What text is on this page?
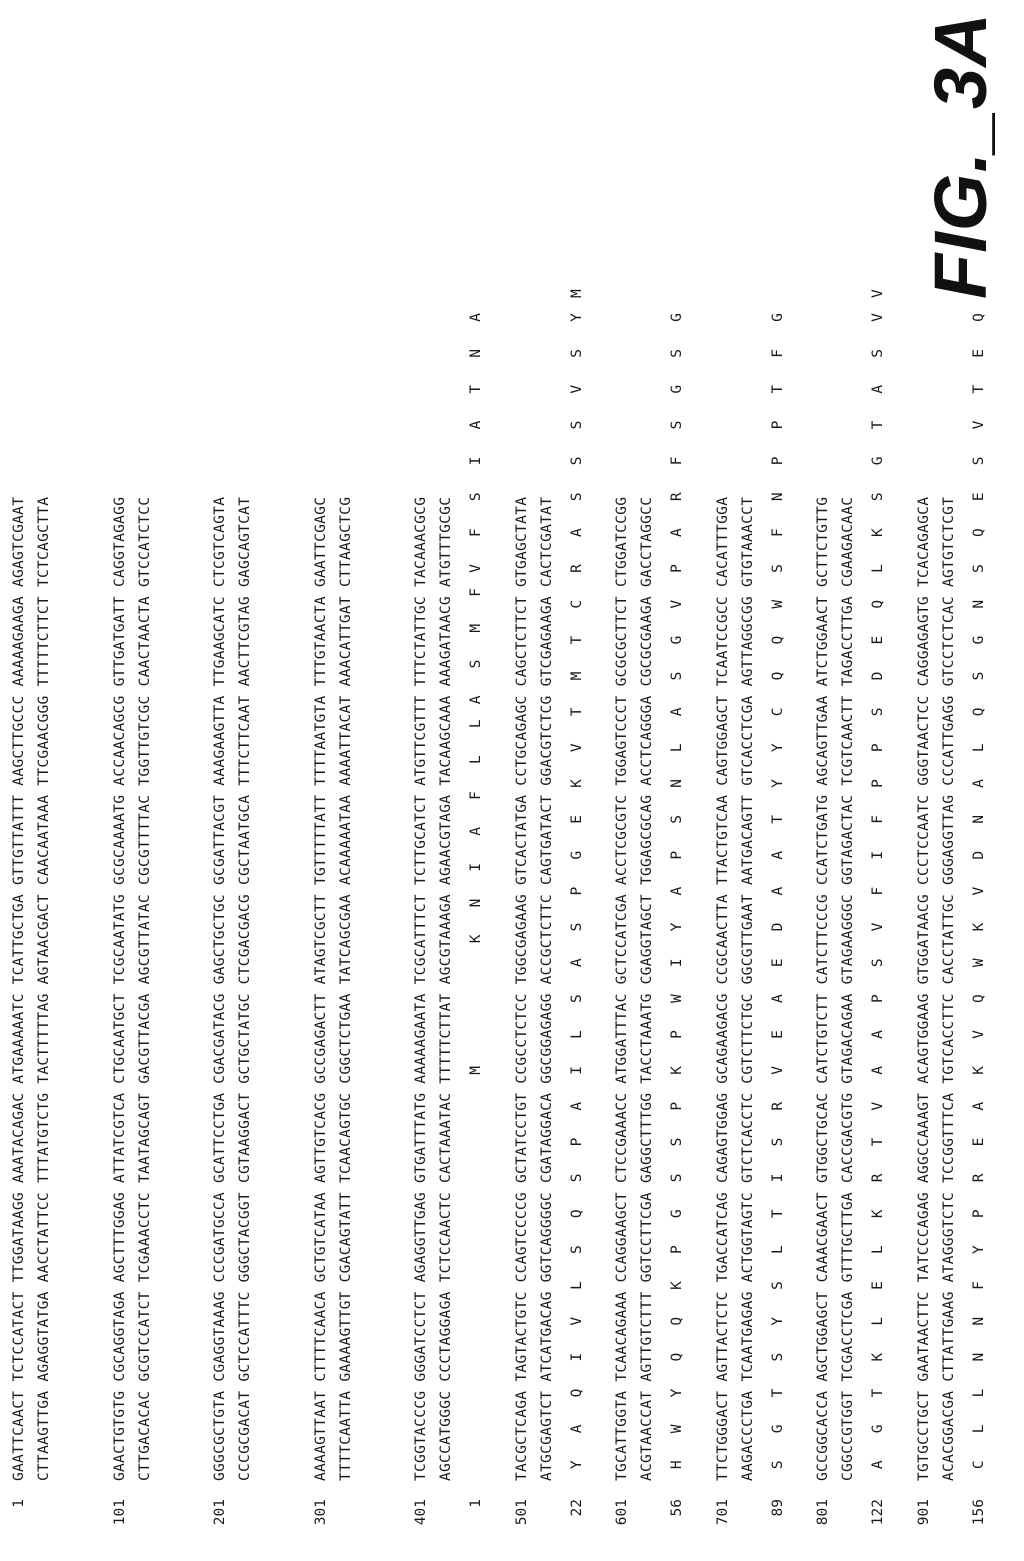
1
GAATTCAACT TCTCCATACT TTGGATAAGG AAATACAGAC ATGAAAAATC TCATTGCTGA GTTGTTATTT AAGCTTGCCC AAAAAGAAGA AGAGTCGAAT CTTAAGTTGA AGAGGTATGA AACCTATTCC TTTATGTCTG TACTTTTTAG AGTAACGACT CAACAATAAA TTCGAACGGG TTTTTCTTCT TCTCAGCTTA
101
GAACTGTGTG CGCAGGTAGA AGCTTTGGAG ATTATCGTCA CTGCAATGCT TCGCAATATG GCGCAAAATG ACCAACAGCG GTTGATGATT CAGGTAGAGG CTTGACACAC GCGTCCATCT TCGAAACCTC TAATAGCAGT GACGTTACGA AGCGTTATAC CGCGTTTTAC TGGTTGTCGC CAACTAACTA GTCCATCTCC
201
GGGCGCTGTA CGAGGTAAAG CCCGATGCCA GCATTCCTGA CGACGATACG GAGCTGCTGC GCGATTACGT AAAGAAGTTA TTGAAGCATC CTCGTCAGTA CCCGCGACAT GCTCCATTTC GGGCTACGGT CGTAAGGACT GCTGCTATGC CTCGACGACG CGCTAATGCA TTTCTTCAAT AACTTCGTAG GAGCAGTCAT
301
AAAAGTTAAT CTTTTCAACA GCTGTCATAA AGTTGTCACG GCCGAGACTT ATAGTCGCTT TGTTTTTATT TTTTAATGTA TTTGTAACTA GAATTCGAGC TTTTCAATTA GAAAAGTTGT CGACAGTATT TCAACAGTGC CGGCTCTGAA TATCAGCGAA ACAAAAATAA AAAATTACAT AAACATTGAT CTTAAGCTCG
401
TCGGTACCCG GGGATCCTCT AGAGGTTGAG GTGATTTATG AAAAAGAATA TCGCATTTCT TCTTGCATCT ATGTTCGTTT TTTCTATTGC TACAAACGCG AGCCATGGGC CCCTAGGAGA TCTCCAACTC CACTAAATAC TTTTTCTTAT AGCGTAAAGA AGAACGTAGA TACAAGCAAA AAAGATAACG ATGTTTGCGC
1
M
K
N
I
A
F
L
L
A
S
M
F
V
F
S
I
A
T
N
A
501
TACGCTCAGA TAGTACTGTC CCAGTCCCCG GCTATCCTGT CCGCCTCTCC TGGCGAGAAG GTCACTATGA CCTGCAGAGC CAGCTCTTCT GTGAGCTATA ATGCGAGTCT ATCATGACAG GGTCAGGGGC CGATAGGACA GGCGGAGAGG ACCGCTCTTC CAGTGATACT GGACGTCTCG GTCGAGAAGA CACTCGATAT
22
Y
A
Q
I
V
L
S
Q
S
P
A
I
L
S
A
S
P
G
E
K
V
T
M
T
C
R
A
S
S
S
V
S
Y
M
601
TGCATTGGTA TCAACAGAAA CCAGGAAGCT CTCCGAAACC ATGGATTTAC GCTCCATCGA ACCTCGCGTC TGGAGTCCCT GCGCGCTTCT CTGGATCCGG ACGTAACCAT AGTTGTCTTT GGTCCTTCGA GAGGCTTTGG TACCTAAATG CGAGGTAGCT TGGAGCGCAG ACCTCAGGGA CGCGCGAAGA GACCTAGGCC
56
H
W
Y
Q
Q
K
P
G
S
S
P
K
P
W
I
Y
A
P
S
N
L
A
S
G
V
P
A
R
F
S
G
S
G
701
TTCTGGGACT AGTTACTCTC TGACCATCAG CAGAGTGGAG GCAGAAGACG CCGCAACTTA TTACTGTCAA CAGTGGAGCT TCAATCCGCC CACATTTGGA AAGACCCTGA TCAATGAGAG ACTGGTAGTC GTCTCACCTC CGTCTTCTGC GGCGTTGAAT AATGACAGTT GTCACCTCGA AGTTAGGCGG GTGTAAACCT
89
S
G
T
S
Y
S
L
T
I
S
R
V
E
A
E
D
A
A
T
Y
Y
C
Q
Q
W
S
F
N
P
P
T
F
G
801
GCCGGCACCA AGCTGGAGCT CAAACGAACT GTGGCTGCAC CATCTGTCTT CATCTTCCCG CCATCTGATG AGCAGTTGAA ATCTGGAACT GCTTCTGTTG CGGCCGTGGT TCGACCTCGA GTTTGCTTGA CACCGACGTG GTAGACAGAA GTAGAAGGGC GGTAGACTAC TCGTCAACTT TAGACCTTGA CGAAGACAAC
122
A
G
T
K
L
E
L
K
R
T
V
A
A
P
S
V
F
I
F
P
P
S
D
E
Q
L
K
S
G
T
A
S
V
V
901
TGTGCCTGCT GAATAACTTC TATCCCAGAG AGGCCAAAGT ACAGTGGAAG GTGGATAACG CCCTCCAATC GGGTAACTCC CAGGAGAGTG TCACAGAGCA ACACGGACGA CTTATTGAAG ATAGGGTCTC TCCGGTTTCA TGTCACCTTC CACCTATTGC GGGAGGTTAG CCCATTGAGG GTCCTCTCAC AGTGTCTCGT
156
C
L
L
N
N
F
Y
P
R
E
A
K
V
Q
W
K
V
D
N
A
L
Q
S
G
N
S
Q
E
S
V
T
E
Q
FIG._3A
